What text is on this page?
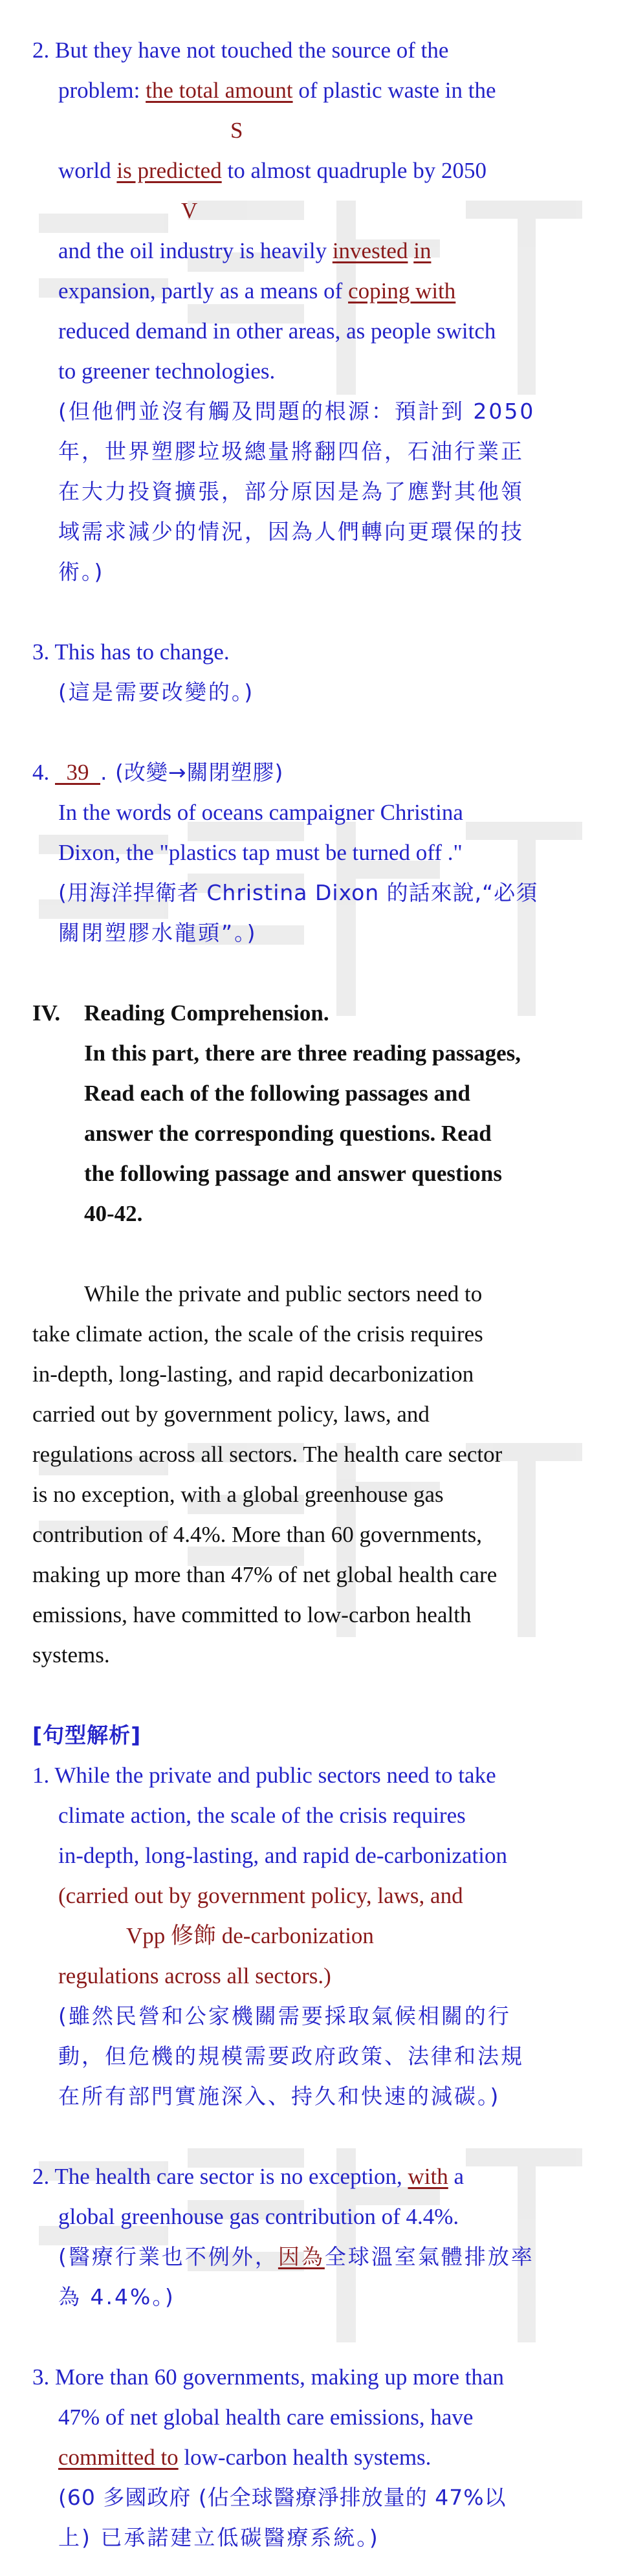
2. But they have not touched the source of the
problem: the total amount of plastic waste in the
S
world is predicted to almost quadruple by 2050
V
and the oil industry is heavily invested in
expansion, partly as a means of coping with
reduced demand in other areas, as people switch
to greener technologies.
(但他們並沒有觸及問題的根源：預計到 2050
年，世界塑膠垃圾總量將翻四倍，石油行業正
在大力投資擴張，部分原因是為了應對其他領
域需求減少的情況，因為人們轉向更環保的技
術。)
3. This has to change.
(這是需要改變的。)
4.   39  . (改變→關閉塑膠)
In the words of oceans campaigner Christina
Dixon, the "plastics tap must be turned off ."
(用海洋捍衛者 Christina Dixon 的話來說,“必須
關閉塑膠水龍頭”。)
IV.	Reading Comprehension.
In this part, there are three reading passages,
Read each of the following passages and
answer the corresponding questions. Read
the following passage and answer questions
40-42.
While the private and public sectors need to
take climate action, the scale of the crisis requires
in-depth, long-lasting, and rapid decarbonization
carried out by government policy, laws, and
regulations across all sectors. The health care sector
is no exception, with a global greenhouse gas
contribution of 4.4%. More than 60 governments,
making up more than 47% of net global health care
emissions, have committed to low-carbon health
systems.
[句型解析]
1. While the private and public sectors need to take
climate action, the scale of the crisis requires
in-depth, long-lasting, and rapid de-carbonization
(carried out by government policy, laws, and
Vpp 修飾 de-carbonization
regulations across all sectors.)
(雖然民營和公家機關需要採取氣候相關的行
動，但危機的規模需要政府政策、法律和法規
在所有部門實施深入、持久和快速的減碳。)
2. The health care sector is no exception, with a
global greenhouse gas contribution of 4.4%.
(醫療行業也不例外，因為全球溫室氣體排放率
為 4.4%。)
3. More than 60 governments, making up more than
47% of net global health care emissions, have
committed to low-carbon health systems.
(60 多國政府 (佔全球醫療淨排放量的 47%以
上) 已承諾建立低碳醫療系統。)
